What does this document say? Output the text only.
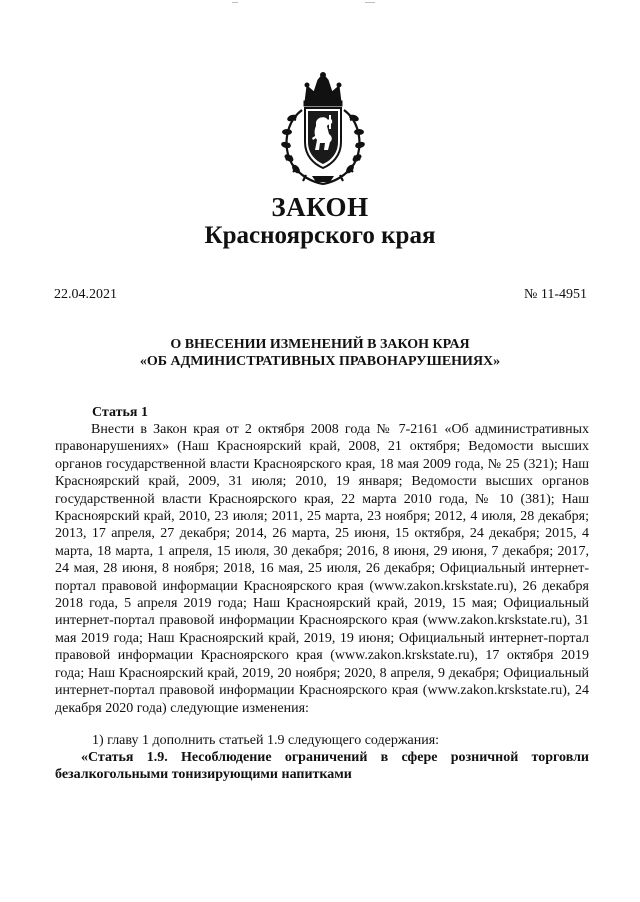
ЗАКОН
Красноярского края
22.04.2021	№ 11-4951
О ВНЕСЕНИИ ИЗМЕНЕНИЙ В ЗАКОН КРАЯ
«ОБ АДМИНИСТРАТИВНЫХ ПРАВОНАРУШЕНИЯХ»
Статья 1

Внести в Закон края от 2 октября 2008 года № 7-2161 «Об административных правонарушениях» (Наш Красноярский край, 2008, 21 октября; Ведомости высших органов государственной власти Красноярского края, 18 мая 2009 года, № 25 (321); Наш Красноярский край, 2009, 31 июля; 2010, 19 января; Ведомости высших органов государственной власти Красноярского края, 22 марта 2010 года, № 10 (381); Наш Красноярский край, 2010, 23 июля; 2011, 25 марта, 23 ноября; 2012, 4 июля, 28 декабря; 2013, 17 апреля, 27 декабря; 2014, 26 марта, 25 июня, 15 октября, 24 декабря; 2015, 4 марта, 18 марта, 1 апреля, 15 июля, 30 декабря; 2016, 8 июня, 29 июня, 7 декабря; 2017, 24 мая, 28 июня, 8 ноября; 2018, 16 мая, 25 июля, 26 декабря; Официальный интернет-портал правовой информации Красноярского края (www.zakon.krskstate.ru), 26 декабря 2018 года, 5 апреля 2019 года; Наш Красноярский край, 2019, 15 мая; Официальный интернет-портал правовой информации Красноярского края (www.zakon.krskstate.ru), 31 мая 2019 года; Наш Красноярский край, 2019, 19 июня; Официальный интернет-портал правовой информации Красноярского края (www.zakon.krskstate.ru), 17 октября 2019 года; Наш Красноярский край, 2019, 20 ноября; 2020, 8 апреля, 9 декабря; Официальный интернет-портал правовой информации Красноярского края (www.zakon.krskstate.ru), 24 декабря 2020 года) следующие изменения:

1) главу 1 дополнить статьей 1.9 следующего содержания:

«Статья 1.9. Несоблюдение ограничений в сфере розничной торговли безалкогольными тонизирующими напитками
